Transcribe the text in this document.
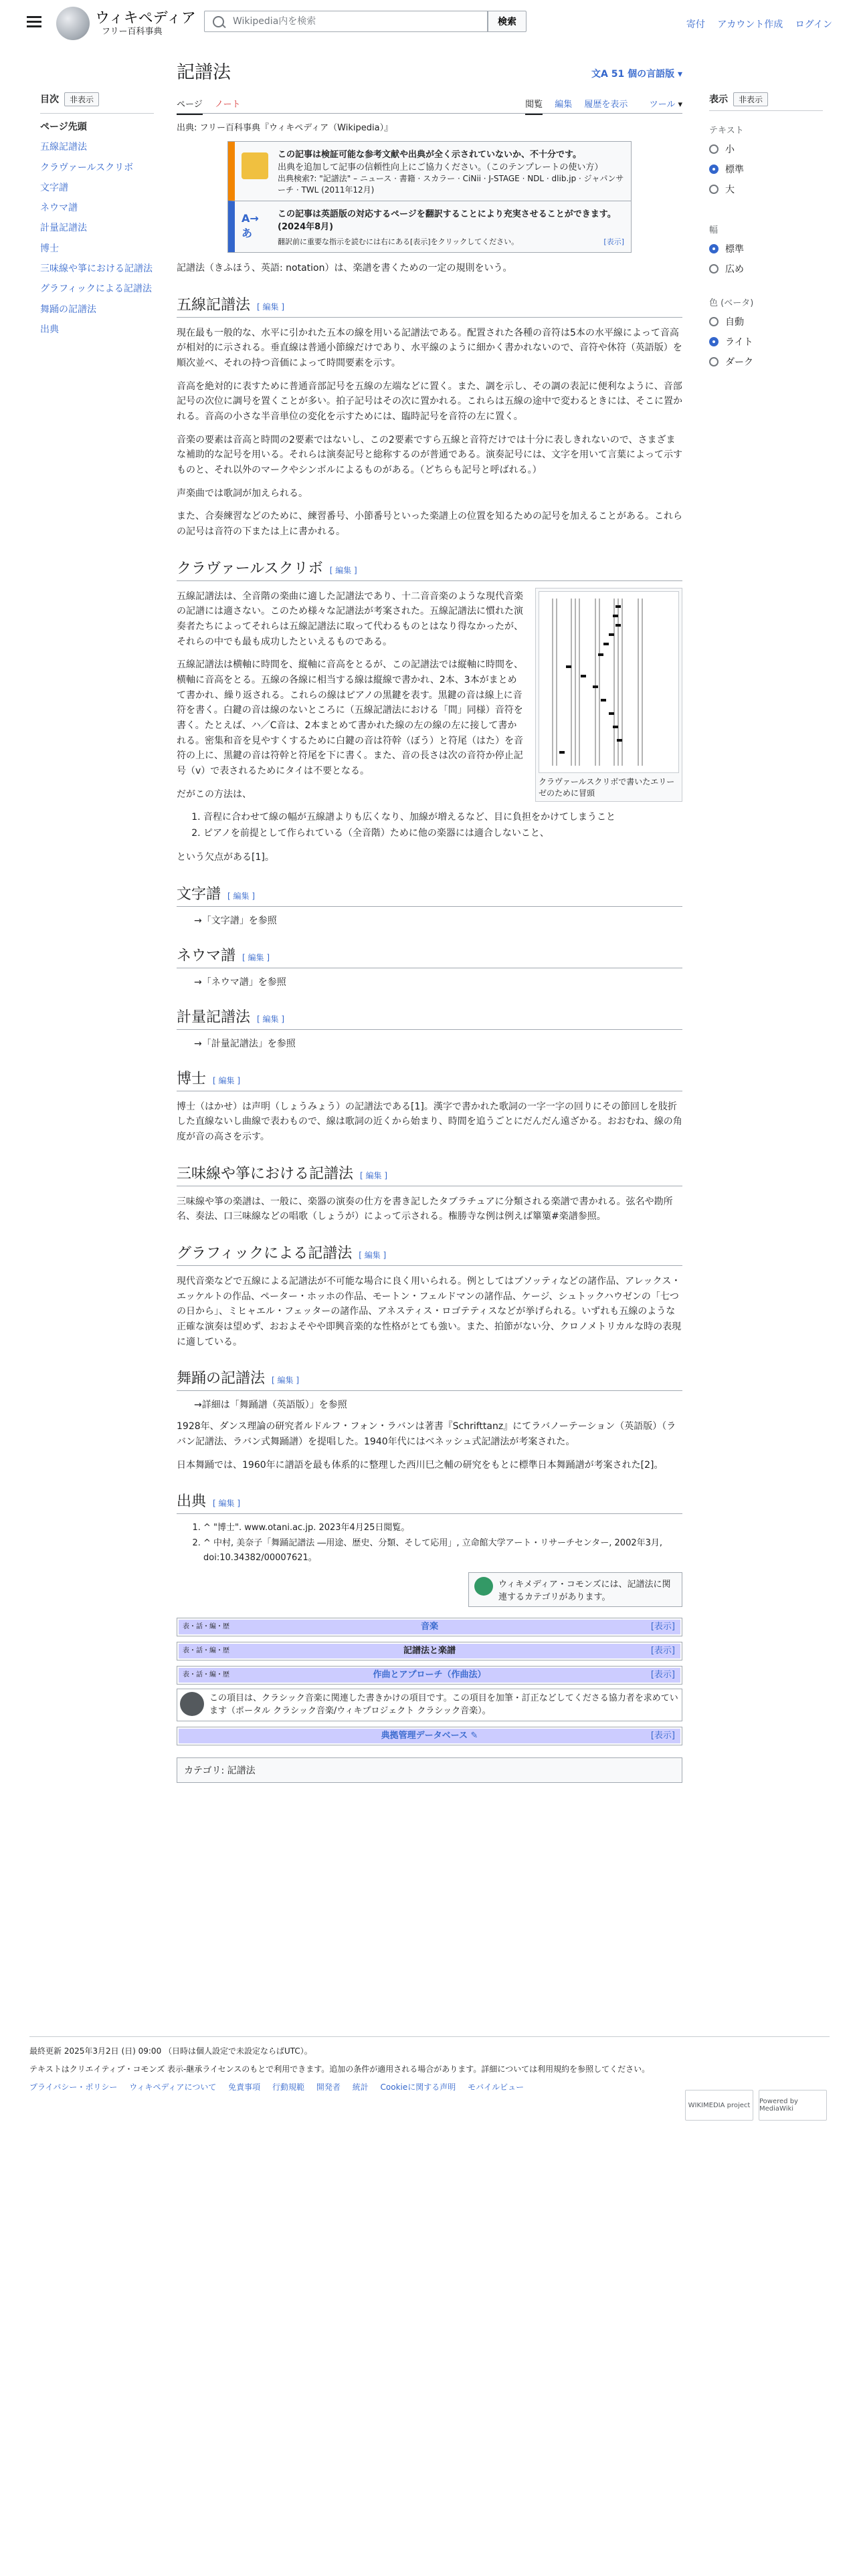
ウィキペディア
フリー百科事典
Wikipedia内を検索
検索	寄付 アカウント作成 ログイン
目次 非表示
ページ先頭
五線記譜法
クラヴァールスクリボ
文字譜
ネウマ譜
計量記譜法
博士
三味線や箏における記譜法
グラフィックによる記譜法
舞踊の記譜法
出典
表示 非表示
テキスト
小
標準
大
幅
標準
広め
色 (ベータ)
自動
ライト
ダーク
記譜法	文A 51 個の言語版 ▾
ページ ノート	閲覧 編集 履歴を表示 ツール ▾
出典: フリー百科事典『ウィキペディア（Wikipedia）』
この記事は検証可能な参考文献や出典が全く示されていないか、不十分です。
出典を追加して記事の信頼性向上にご協力ください。（このテンプレートの使い方）
出典検索?: "記譜法" – ニュース · 書籍 · スカラー · CiNii · J-STAGE · NDL · dlib.jp · ジャパンサーチ · TWL (2011年12月)
A→あ
この記事は英語版の対応するページを翻訳することにより充実させることができます。(2024年8月)
翻訳前に重要な指示を読むには右にある[表示]をクリックしてください。	[表示]
記譜法（きふほう、英語: notation）は、楽譜を書くための一定の規則をいう。
五線記譜法 [ 編集 ]
現在最も一般的な、水平に引かれた五本の線を用いる記譜法である。配置された各種の音符は5本の水平線によって音高が相対的に示される。垂直線は普通小節線だけであり、水平線のように細かく書かれないので、音符や休符（英語版）を順次並べ、それの持つ音価によって時間要素を示す。
音高を絶対的に表すために普通音部記号を五線の左端などに置く。また、調を示し、その調の表記に便利なように、音部記号の次位に調号を置くことが多い。拍子記号はその次に置かれる。これらは五線の途中で変わるときには、そこに置かれる。音高の小さな半音単位の変化を示すためには、臨時記号を音符の左に置く。
音楽の要素は音高と時間の2要素ではないし、この2要素ですら五線と音符だけでは十分に表しきれないので、さまざまな補助的な記号を用いる。それらは演奏記号と総称するのが普通である。演奏記号には、文字を用いて言葉によって示すものと、それ以外のマークやシンボルによるものがある。（どちらも記号と呼ばれる。）
声楽曲では歌詞が加えられる。
また、合奏練習などのために、練習番号、小節番号といった楽譜上の位置を知るための記号を加えることがある。これらの記号は音符の下または上に書かれる。
クラヴァールスクリボ [ 編集 ]
クラヴァールスクリボで書いたエリーゼのために冒頭
五線記譜法は、全音階の楽曲に適した記譜法であり、十二音音楽のような現代音楽の記譜には適さない。このため様々な記譜法が考案された。五線記譜法に慣れた演奏者たちによってそれらは五線記譜法に取って代わるものとはなり得なかったが、それらの中でも最も成功したといえるものである。
五線記譜法は横軸に時間を、縦軸に音高をとるが、この記譜法では縦軸に時間を、横軸に音高をとる。五線の各線に相当する線は縦線で書かれ、2本、3本がまとめて書かれ、繰り返される。これらの線はピアノの黒鍵を表す。黒鍵の音は線上に音符を書く。白鍵の音は線のないところに（五線記譜法における「間」同様）音符を書く。たとえば、ハ／C音は、2本まとめて書かれた線の左の線の左に接して書かれる。密集和音を見やすくするために白鍵の音は符幹（ぼう）と符尾（はた）を音符の上に、黒鍵の音は符幹と符尾を下に書く。また、音の長さは次の音符か停止記号（v）で表されるためにタイは不要となる。
だがこの方法は、
1. 音程に合わせて線の幅が五線譜よりも広くなり、加線が増えるなど、目に負担をかけてしまうこと
2. ピアノを前提として作られている（全音階）ために他の楽器には適合しないこと、
という欠点がある[1]。
文字譜 [ 編集 ]
→「文字譜」を参照
ネウマ譜 [ 編集 ]
→「ネウマ譜」を参照
計量記譜法 [ 編集 ]
→「計量記譜法」を参照
博士 [ 編集 ]
博士（はかせ）は声明（しょうみょう）の記譜法である[1]。漢字で書かれた歌詞の一字一字の回りにその節回しを肢折した直線ないし曲線で表わもので、線は歌詞の近くから始まり、時間を追うごとにだんだん遠ざかる。おおむね、線の角度が音の高さを示す。
三味線や箏における記譜法 [ 編集 ]
三味線や箏の楽譜は、一般に、楽器の演奏の仕方を書き記したタブラチュアに分類される楽譜で書かれる。弦名や勘所名、奏法、口三味線などの唱歌（しょうが）によって示される。権勝寺な例は例えば篳篥#楽譜参照。
グラフィックによる記譜法 [ 編集 ]
現代音楽などで五線による記譜法が不可能な場合に良く用いられる。例としてはブソッティなどの諸作品、アレックス・エッケルトの作品、ペーター・ホッホの作品、モートン・フェルドマンの諸作品、ケージ、シュトックハウゼンの「七つの日から」、ミヒャエル・フェッターの諸作品、アネスティス・ロゴテティスなどが挙げられる。いずれも五線のような正確な演奏は望めず、おおよそやや即興音楽的な性格がとても強い。また、拍節がない分、クロノメトリカルな時の表現に適している。
舞踊の記譜法 [ 編集 ]
→詳細は「舞踊譜（英語版）」を参照
1928年、ダンス理論の研究者ルドルフ・フォン・ラバンは著書『Schrifttanz』にてラバノーテーション（英語版）（ラバン記譜法、ラバン式舞踊譜）を提唱した。1940年代にはベネッシュ式記譜法が考案された。
日本舞踊では、1960年に譜語を最も体系的に整理した西川巳之輔の研究をもとに標準日本舞踊譜が考案された[2]。
出典 [ 編集 ]
1. ^ "博士". www.otani.ac.jp. 2023年4月25日閲覧。
2. ^ 中村, 美奈子「舞踊記譜法 ―用途、歴史、分類、そして応用」, 立命館大学アート・リサーチセンター, 2002年3月, doi:10.34382/00007621。
ウィキメディア・コモンズには、記譜法に関連するカテゴリがあります。
表・話・編・歴	音楽	[表示]
表・話・編・歴	記譜法と楽譜	[表示]
表・話・編・歴	作曲とアプローチ（作曲法）	[表示]
この項目は、クラシック音楽に関連した書きかけの項目です。この項目を加筆・訂正などしてくださる協力者を求めています（ポータル クラシック音楽/ウィキプロジェクト クラシック音楽）。
典拠管理データベース ✎	[表示]
カテゴリ: 記譜法
最終更新 2025年3月2日 (日) 09:00 （日時は個人設定で未設定ならばUTC）。
テキストはクリエイティブ・コモンズ 表示-継承ライセンスのもとで利用できます。追加の条件が適用される場合があります。詳細については利用規約を参照してください。
プライバシー・ポリシー ウィキペディアについて 免責事項 行動規範 開発者 統計 Cookieに関する声明 モバイルビュー
WIKIMEDIA project	Powered by MediaWiki
